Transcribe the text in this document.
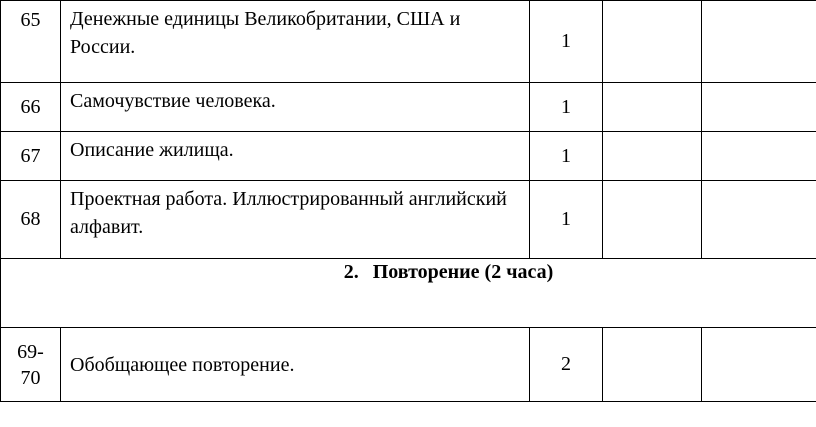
65	Денежные единицы Великобритании, США и России.	1		
66	Самочувствие человека.	1		
67	Описание жилища.	1		
68	Проектная работа. Иллюстрированный английский алфавит.	1		
2. Повторение (2 часа)				
69-70	Обобщающее повторение.	2		
